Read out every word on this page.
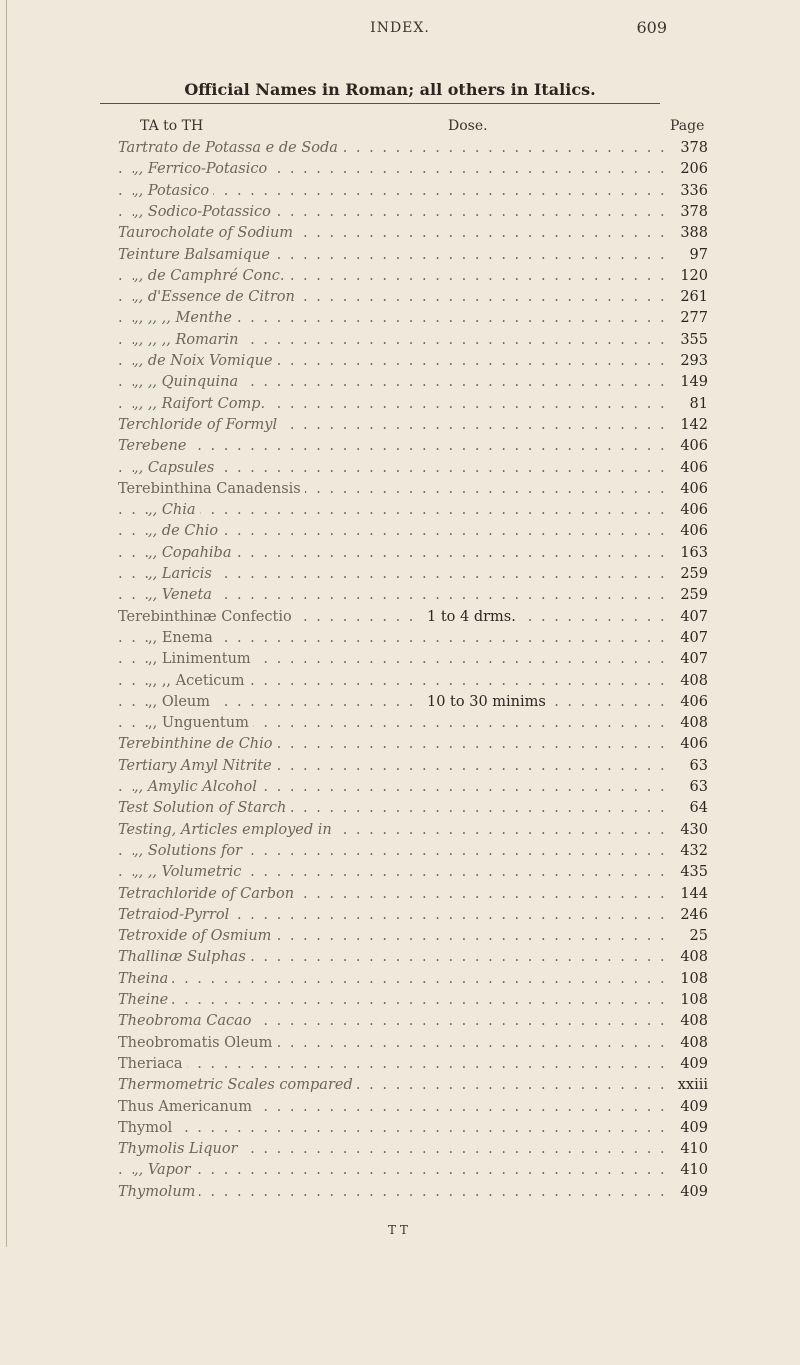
INDEX.	609
Official Names in Roman; all others in Italics.
TA to TH	Dose.	Page
Tartrato de Potassa e de Soda . . .	378
,, Ferrico-Potasico . . .	206
,, Potasico . . .	336
,, Sodico-Potassico . . .	378
Taurocholate of Sodium . . .	388
Teinture Balsamique . . .	97
,, de Camphré Conc. . . .	120
,, d'Essence de Citron . . .	261
,, ,, ,, Menthe . . .	277
,, ,, ,, Romarin . . .	355
,, de Noix Vomique . . .	293
,, ,, Quinquina . . .	149
,, ,, Raifort Comp. . . .	81
Terchloride of Formyl . . .	142
Terebene . . .	406
,, Capsules . . .	406
Terebinthina Canadensis . . .	406
,, Chia . . .	406
,, de Chio . . .	406
,, Copahiba . . .	163
,, Laricis . . .	259
,, Veneta . . .	259
Terebinthinæ Confectio . . .	1 to 4 drms.	407
,, Enema . . .	407
,, Linimentum . . .	407
,, ,, Aceticum . . .	408
,, Oleum . . .	10 to 30 minims	406
,, Unguentum . . .	408
Terebinthine de Chio . . .	406
Tertiary Amyl Nitrite . . .	63
,, Amylic Alcohol . . .	63
Test Solution of Starch . . .	64
Testing, Articles employed in . . .	430
,, Solutions for . . .	432
,, ,, Volumetric . . .	435
Tetrachloride of Carbon . . .	144
Tetraiod-Pyrrol . . .	246
Tetroxide of Osmium . . .	25
Thallinæ Sulphas . . .	408
Theina . . .	108
Theine . . .	108
Theobroma Cacao . . .	408
Theobromatis Oleum . . .	408
Theriaca . . .	409
Thermometric Scales compared . . .	xxiii
Thus Americanum . . .	409
Thymol . . .	409
Thymolis Liquor . . .	410
,, Vapor . . .	410
Thymolum . . .	409
T T
